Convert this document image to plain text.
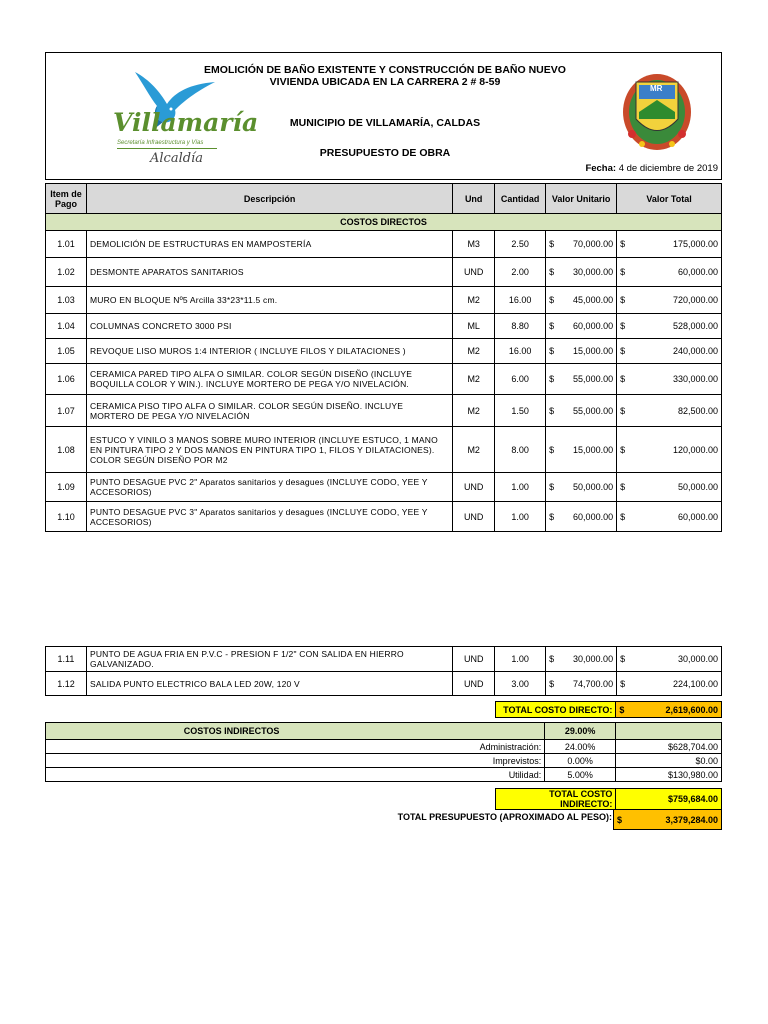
Villamaría
Secretaría Infraestructura y Vías
Alcaldía
EMOLICIÓN DE BAÑO EXISTENTE Y CONSTRUCCIÓN DE BAÑO NUEVO
VIVIENDA UBICADA EN LA CARRERA 2 # 8-59
MUNICIPIO DE VILLAMARÍA, CALDAS
PRESUPUESTO DE OBRA
Fecha: 4 de diciembre de 2019
MR
Item de Pago	Descripción	Und	Cantidad	Valor Unitario	Valor Total
COSTOS DIRECTOS					
1.01	DEMOLICIÓN DE ESTRUCTURAS EN MAMPOSTERÍA	M3	2.50	$ 70,000.00	$ 175,000.00

1.02	DESMONTE APARATOS SANITARIOS	UND	2.00	$ 30,000.00	$ 60,000.00

1.03	MURO EN BLOQUE Nº5 Arcilla 33*23*11.5 cm.	M2	16.00	$ 45,000.00	$ 720,000.00

1.04	COLUMNAS CONCRETO 3000 PSI	ML	8.80	$ 60,000.00	$ 528,000.00

1.05	REVOQUE LISO MUROS 1:4 INTERIOR ( INCLUYE FILOS Y DILATACIONES )	M2	16.00	$ 15,000.00	$ 240,000.00

1.06	CERAMICA PARED TIPO ALFA O SIMILAR. COLOR SEGÚN DISEÑO (INCLUYE BOQUILLA COLOR Y WIN.). INCLUYE MORTERO DE PEGA Y/O NIVELACIÓN.	M2	6.00	$ 55,000.00	$ 330,000.00

1.07	CERAMICA PISO TIPO ALFA O SIMILAR. COLOR SEGÚN DISEÑO. INCLUYE MORTERO DE PEGA Y/O NIVELACIÓN	M2	1.50	$ 55,000.00	$ 82,500.00

1.08	ESTUCO Y VINILO 3 MANOS SOBRE MURO INTERIOR (INCLUYE ESTUCO, 1 MANO EN PINTURA TIPO 2 Y DOS MANOS EN PINTURA TIPO 1, FILOS Y DILATACIONES). COLOR SEGÚN DISEÑO POR M2	M2	8.00	$ 15,000.00	$ 120,000.00

1.09	PUNTO DESAGUE PVC 2" Aparatos sanitarios y desagues (INCLUYE CODO, YEE Y ACCESORIOS)	UND	1.00	$ 50,000.00	$ 50,000.00

1.10	PUNTO DESAGUE PVC 3" Aparatos sanitarios y desagues (INCLUYE CODO, YEE Y ACCESORIOS)	UND	1.00	$ 60,000.00	$ 60,000.00
1.11	PUNTO DE AGUA FRIA EN P.V.C - PRESION F 1/2" CON SALIDA EN HIERRO GALVANIZADO.	UND	1.00	$ 30,000.00	$ 30,000.00

1.12	SALIDA PUNTO ELECTRICO BALA LED 20W, 120 V	UND	3.00	$ 74,700.00	$ 224,100.00
TOTAL COSTO DIRECTO:	$	2,619,600.00
COSTOS INDIRECTOS	29.00%	
Administración:	24.00%	$628,704.00
Imprevistos:	0.00%	$0.00
Utilidad:	5.00%	$130,980.00
TOTAL COSTO INDIRECTO:	$759,684.00
TOTAL PRESUPUESTO (APROXIMADO AL PESO): $	3,379,284.00
